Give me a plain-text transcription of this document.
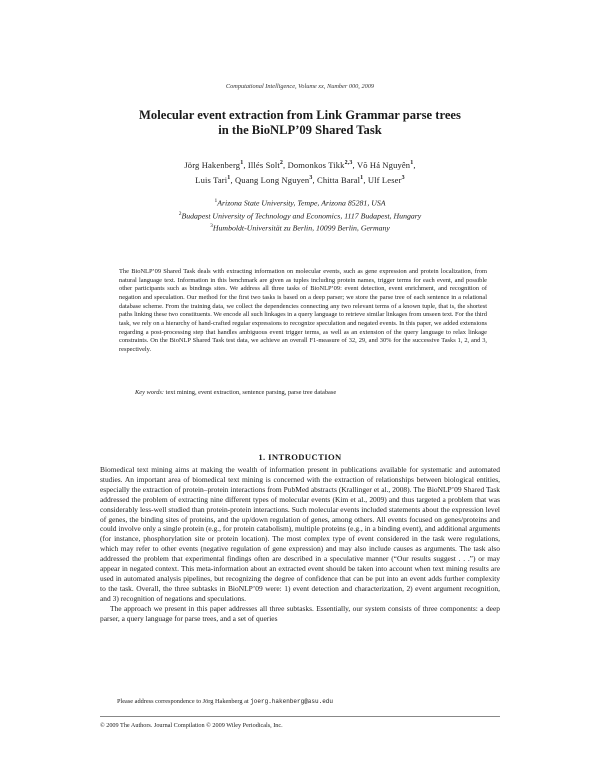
Computational Intelligence, Volume xx, Number 000, 2009
Molecular event extraction from Link Grammar parse trees
in the BioNLP’09 Shared Task
Jörg Hakenberg$^1$, Illés Solt$^2$, Domonkos Tikk$^{2,3}$, Võ Há Nguyên$^1$,
Luis Tari$^1$, Quang Long Nguyen$^3$, Chitta Baral$^1$, Ulf Leser$^3$
$^1$Arizona State University, Tempe, Arizona 85281, USA
$^2$Budapest University of Technology and Economics, 1117 Budapest, Hungary
$^3$Humboldt-Universität zu Berlin, 10099 Berlin, Germany
The BioNLP’09 Shared Task deals with extracting information on molecular events, such as gene expression and protein localization, from natural language text. Information in this benchmark are given as tuples including protein names, trigger terms for each event, and possible other participants such as bindings sites. We address all three tasks of BioNLP’09: event detection, event enrichment, and recognition of negation and speculation. Our method for the first two tasks is based on a deep parser; we store the parse tree of each sentence in a relational database scheme. From the training data, we collect the dependencies connecting any two relevant terms of a known tuple, that is, the shortest paths linking these two constituents. We encode all such linkages in a query language to retrieve similar linkages from unseen text. For the third task, we rely on a hierarchy of hand-crafted regular expressions to recognize speculation and negated events. In this paper, we added extensions regarding a post-processing step that handles ambiguous event trigger terms, as well as an extension of the query language to relax linkage constraints. On the BioNLP Shared Task test data, we achieve an overall F1-measure of 32, 29, and 30% for the successive Tasks 1, 2, and 3, respectively.
Key words: text mining, event extraction, sentence parsing, parse tree database
1. INTRODUCTION

Biomedical text mining aims at making the wealth of information present in publications available for systematic and automated studies. An important area of biomedical text mining is concerned with the extraction of relationships between biological entities, especially the extraction of protein–protein interactions from PubMed abstracts (Krallinger et al., 2008). The BioNLP’09 Shared Task addressed the problem of extracting nine different types of molecular events (Kim et al., 2009) and thus targeted a problem that was considerably less-well studied than protein-protein interactions. Such molecular events included statements about the expression level of genes, the binding sites of proteins, and the up/down regulation of genes, among others. All events focused on genes/proteins and could involve only a single protein (e.g., for protein catabolism), multiple proteins (e.g., in a binding event), and additional arguments (for instance, phosphorylation site or protein location). The most complex type of event considered in the task were regulations, which may refer to other events (negative regulation of gene expression) and may also include causes as arguments. The task also addressed the problem that experimental findings often are described in a speculative manner (“Our results suggest . . .”) or may appear in negated context. This meta-information about an extracted event should be taken into account when text mining results are used in automated analysis pipelines, but recognizing the degree of confidence that can be put into an event adds further complexity to the task. Overall, the three subtasks in BioNLP’09 were: 1) event detection and characterization, 2) event argument recognition, and 3) recognition of negations and speculations.

The approach we present in this paper addresses all three subtasks. Essentially, our system consists of three components: a deep parser, a query language for parse trees, and a set of queries

Please address correspondence to Jörg Hakenberg at joerg.hakenberg@asu.edu
© 2009 The Authors. Journal Compilation © 2009 Wiley Periodicals, Inc.
